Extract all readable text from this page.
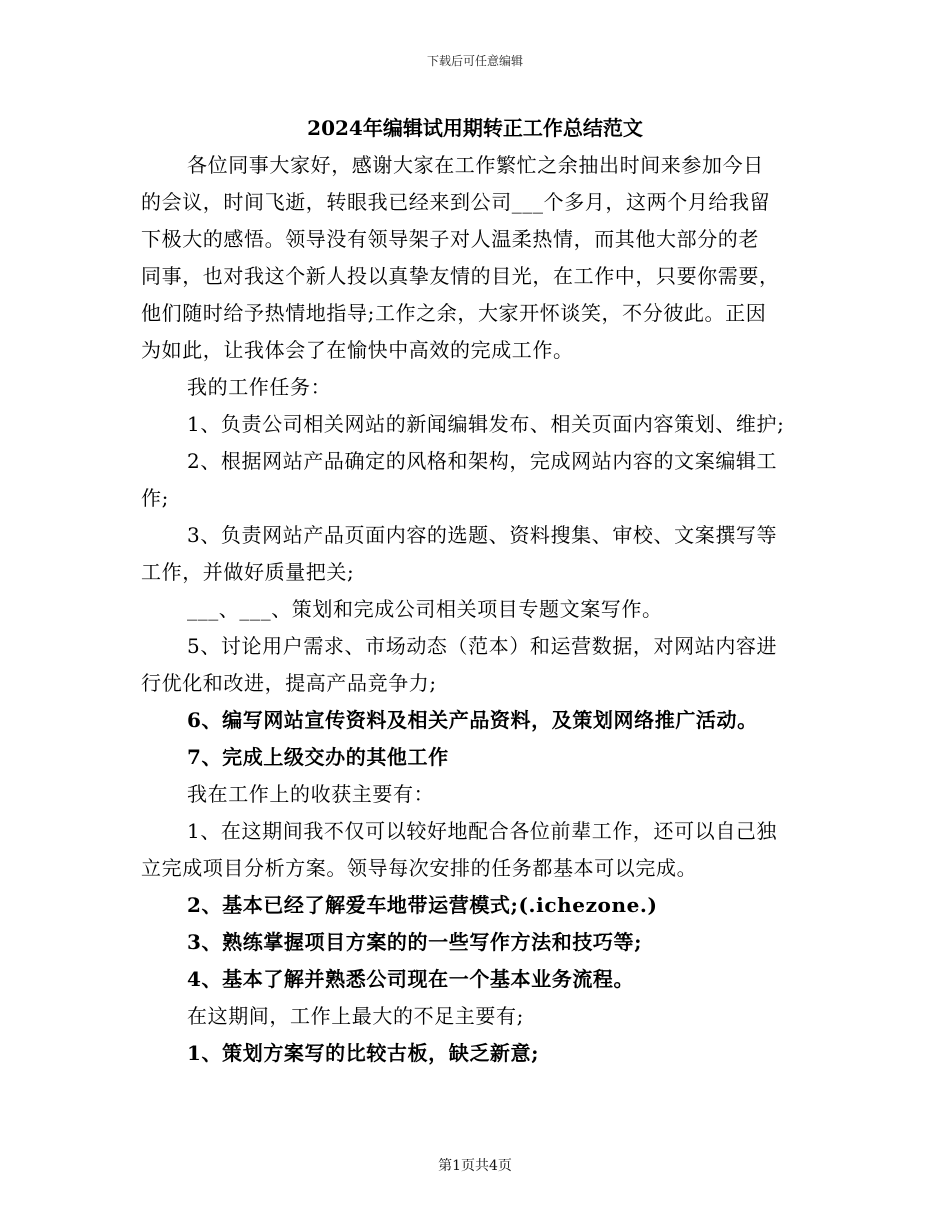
下载后可任意编辑
2024年编辑试用期转正工作总结范文

各位同事大家好，感谢大家在工作繁忙之余抽出时间来参加今日

的会议，时间飞逝，转眼我已经来到公司___个多月，这两个月给我留

下极大的感悟。领导没有领导架子对人温柔热情，而其他大部分的老

同事，也对我这个新人投以真挚友情的目光，在工作中，只要你需要，

他们随时给予热情地指导;工作之余，大家开怀谈笑，不分彼此。正因

为如此，让我体会了在愉快中高效的完成工作。

我的工作任务：

1、负责公司相关网站的新闻编辑发布、相关页面内容策划、维护;

2、根据网站产品确定的风格和架构，完成网站内容的文案编辑工

作;

3、负责网站产品页面内容的选题、资料搜集、审校、文案撰写等

工作，并做好质量把关;

___、___、策划和完成公司相关项目专题文案写作。

5、讨论用户需求、市场动态（范本）和运营数据，对网站内容进

行优化和改进，提高产品竞争力;

6、编写网站宣传资料及相关产品资料，及策划网络推广活动。

7、完成上级交办的其他工作

我在工作上的收获主要有：

1、在这期间我不仅可以较好地配合各位前辈工作，还可以自己独

立完成项目分析方案。领导每次安排的任务都基本可以完成。

2、基本已经了解爱车地带运营模式;(.ichezone.)

3、熟练掌握项目方案的的一些写作方法和技巧等;

4、基本了解并熟悉公司现在一个基本业务流程。

在这期间，工作上最大的不足主要有;

1、策划方案写的比较古板，缺乏新意;

第1页共4页
